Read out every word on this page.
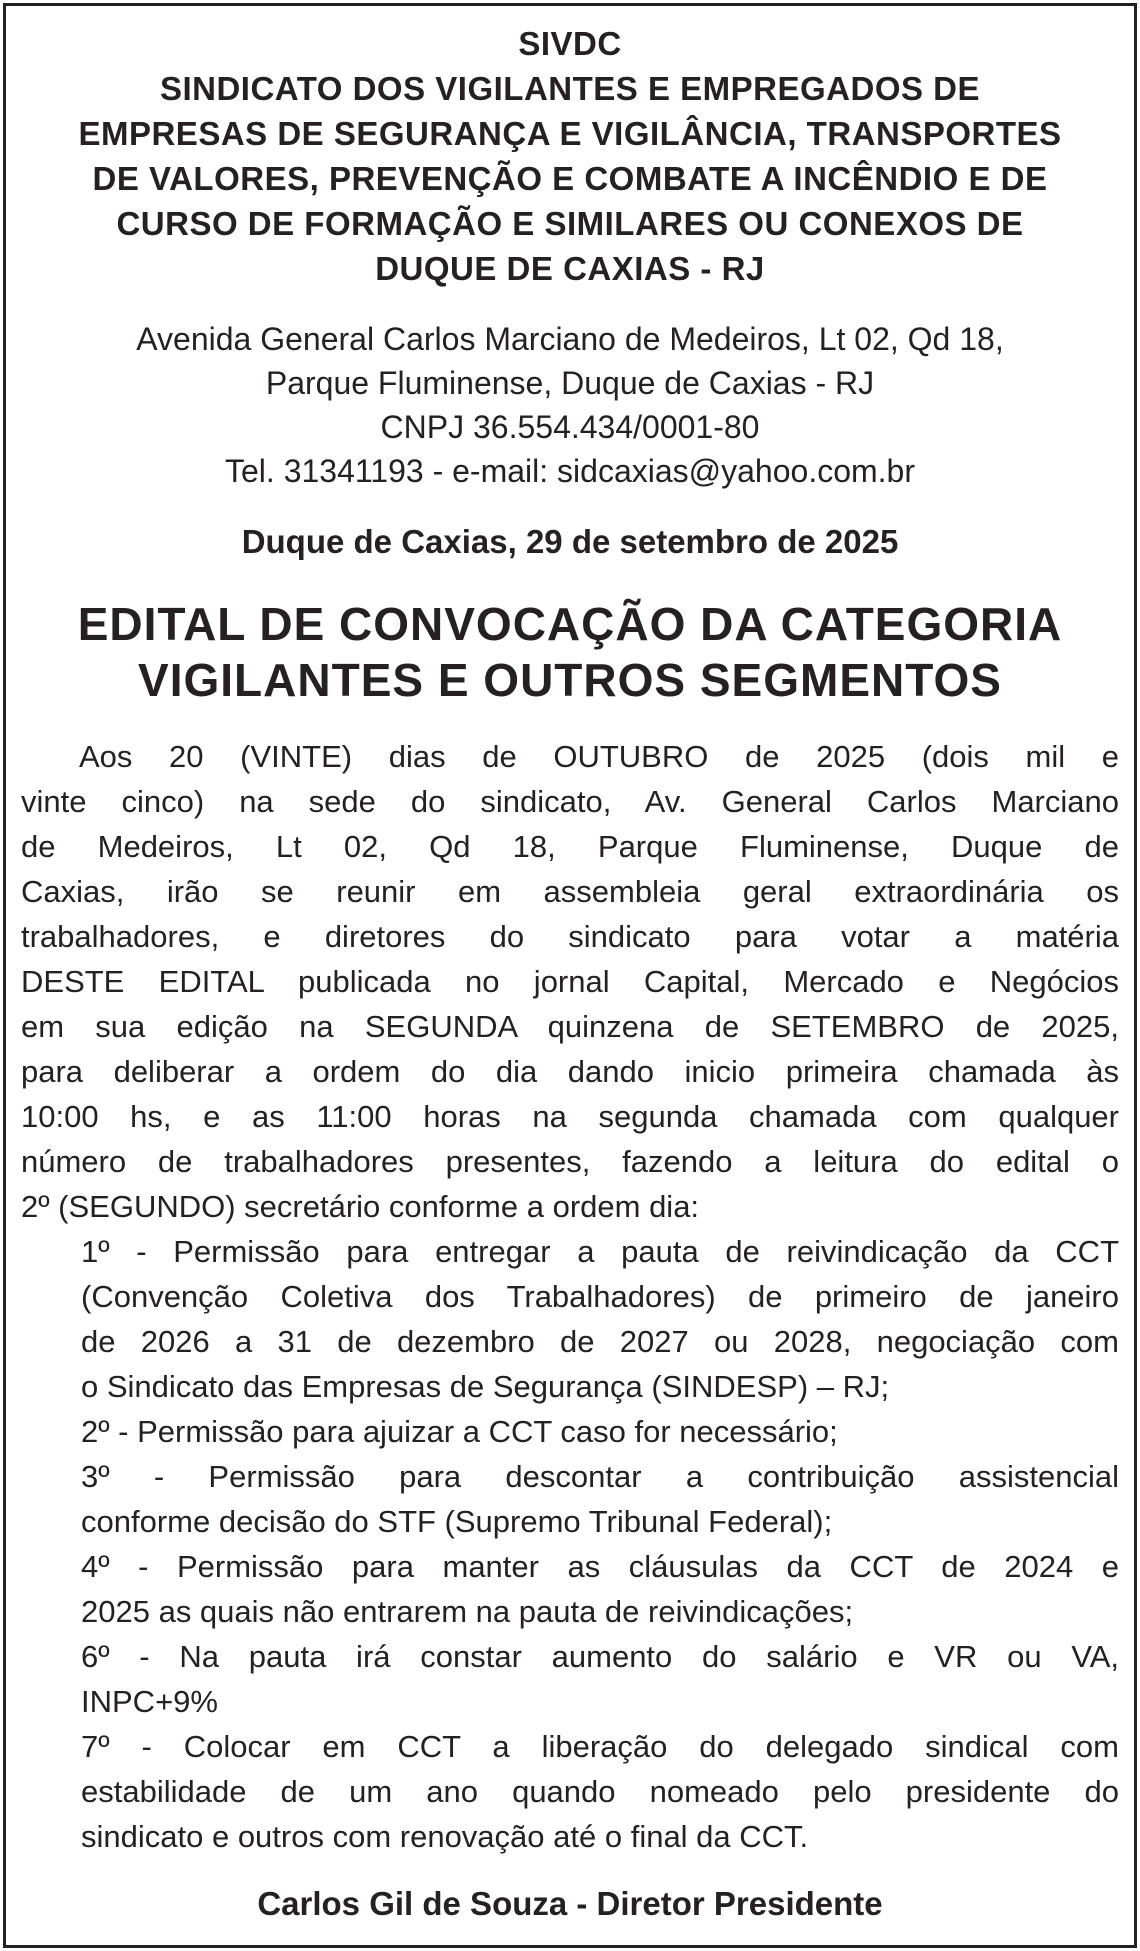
SIVDC
SINDICATO DOS VIGILANTES E EMPREGADOS DE
EMPRESAS DE SEGURANÇA E VIGILÂNCIA, TRANSPORTES
DE VALORES, PREVENÇÃO E COMBATE A INCÊNDIO E DE
CURSO DE FORMAÇÃO E SIMILARES OU CONEXOS DE
DUQUE DE CAXIAS - RJ
Avenida General Carlos Marciano de Medeiros, Lt 02, Qd 18,
Parque Fluminense, Duque de Caxias - RJ
CNPJ 36.554.434/0001-80
Tel. 31341193 - e-mail: sidcaxias@yahoo.com.br
Duque de Caxias, 29 de setembro de 2025
EDITAL DE CONVOCAÇÃO DA CATEGORIA
VIGILANTES E OUTROS SEGMENTOS
Aos 20 (VINTE) dias de OUTUBRO de 2025 (dois mil e
vinte cinco) na sede do sindicato, Av. General Carlos Marciano
de Medeiros, Lt 02, Qd 18, Parque Fluminense, Duque de
Caxias, irão se reunir em assembleia geral extraordinária os
trabalhadores, e diretores do sindicato para votar a matéria
DESTE EDITAL publicada no jornal Capital, Mercado e Negócios
em sua edição na SEGUNDA quinzena de SETEMBRO de 2025,
para deliberar a ordem do dia dando inicio primeira chamada às
10:00 hs, e as 11:00 horas na segunda chamada com qualquer
número de trabalhadores presentes, fazendo a leitura do edital o
2º (SEGUNDO) secretário conforme a ordem dia:
1º - Permissão para entregar a pauta de reivindicação da CCT
(Convenção Coletiva dos Trabalhadores) de primeiro de janeiro
de 2026 a 31 de dezembro de 2027 ou 2028, negociação com
o Sindicato das Empresas de Segurança (SINDESP) – RJ;
2º - Permissão para ajuizar a CCT caso for necessário;
3º - Permissão para descontar a contribuição assistencial
conforme decisão do STF (Supremo Tribunal Federal);
4º - Permissão para manter as cláusulas da CCT de 2024 e
2025 as quais não entrarem na pauta de reivindicações;
6º - Na pauta irá constar aumento do salário e VR ou VA,
INPC+9%
7º - Colocar em CCT a liberação do delegado sindical com
estabilidade de um ano quando nomeado pelo presidente do
sindicato e outros com renovação até o final da CCT.
Carlos Gil de Souza - Diretor Presidente
